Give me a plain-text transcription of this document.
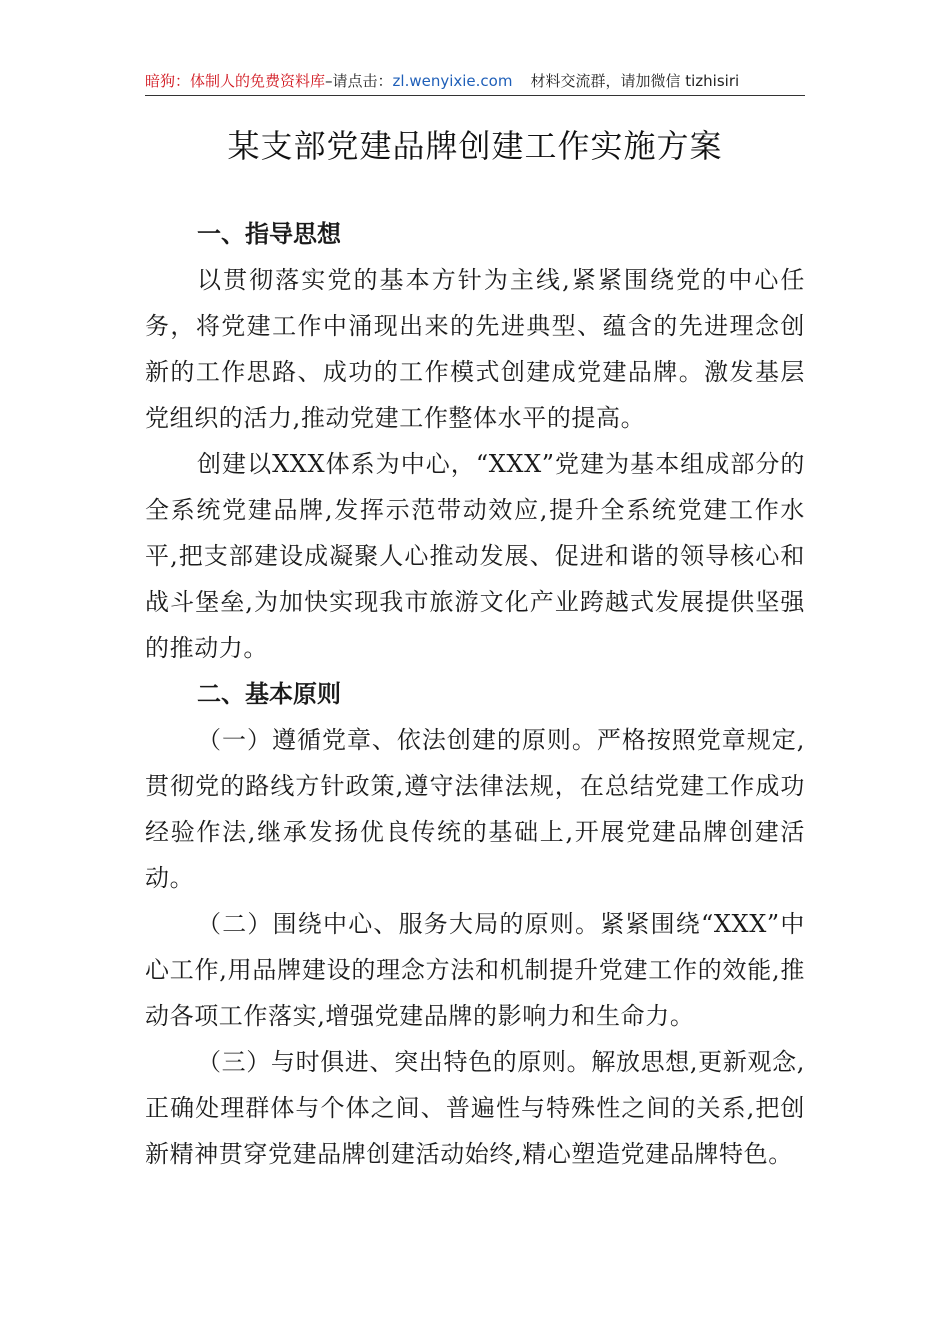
暗狗：体制人的免费资料库–请点击：zl.wenyixie.com 材料交流群，请加微信 tizhisiri
某支部党建品牌创建工作实施方案

一、指导思想

以贯彻落实党的基本方针为主线,紧紧围绕党的中心任务，将党建工作中涌现出来的先进典型、蕴含的先进理念创新的工作思路、成功的工作模式创建成党建品牌。激发基层党组织的活力,推动党建工作整体水平的提高。

创建以XXX体系为中心，“XXX”党建为基本组成部分的全系统党建品牌,发挥示范带动效应,提升全系统党建工作水平,把支部建设成凝聚人心推动发展、促进和谐的领导核心和战斗堡垒,为加快实现我市旅游文化产业跨越式发展提供坚强的推动力。

二、基本原则

（一）遵循党章、依法创建的原则。严格按照党章规定,贯彻党的路线方针政策,遵守法律法规，在总结党建工作成功经验作法,继承发扬优良传统的基础上,开展党建品牌创建活动。

（二）围绕中心、服务大局的原则。紧紧围绕“XXX”中心工作,用品牌建设的理念方法和机制提升党建工作的效能,推动各项工作落实,增强党建品牌的影响力和生命力。

（三）与时俱进、突出特色的原则。解放思想,更新观念,正确处理群体与个体之间、普遍性与特殊性之间的关系,把创新精神贯穿党建品牌创建活动始终,精心塑造党建品牌特色。
